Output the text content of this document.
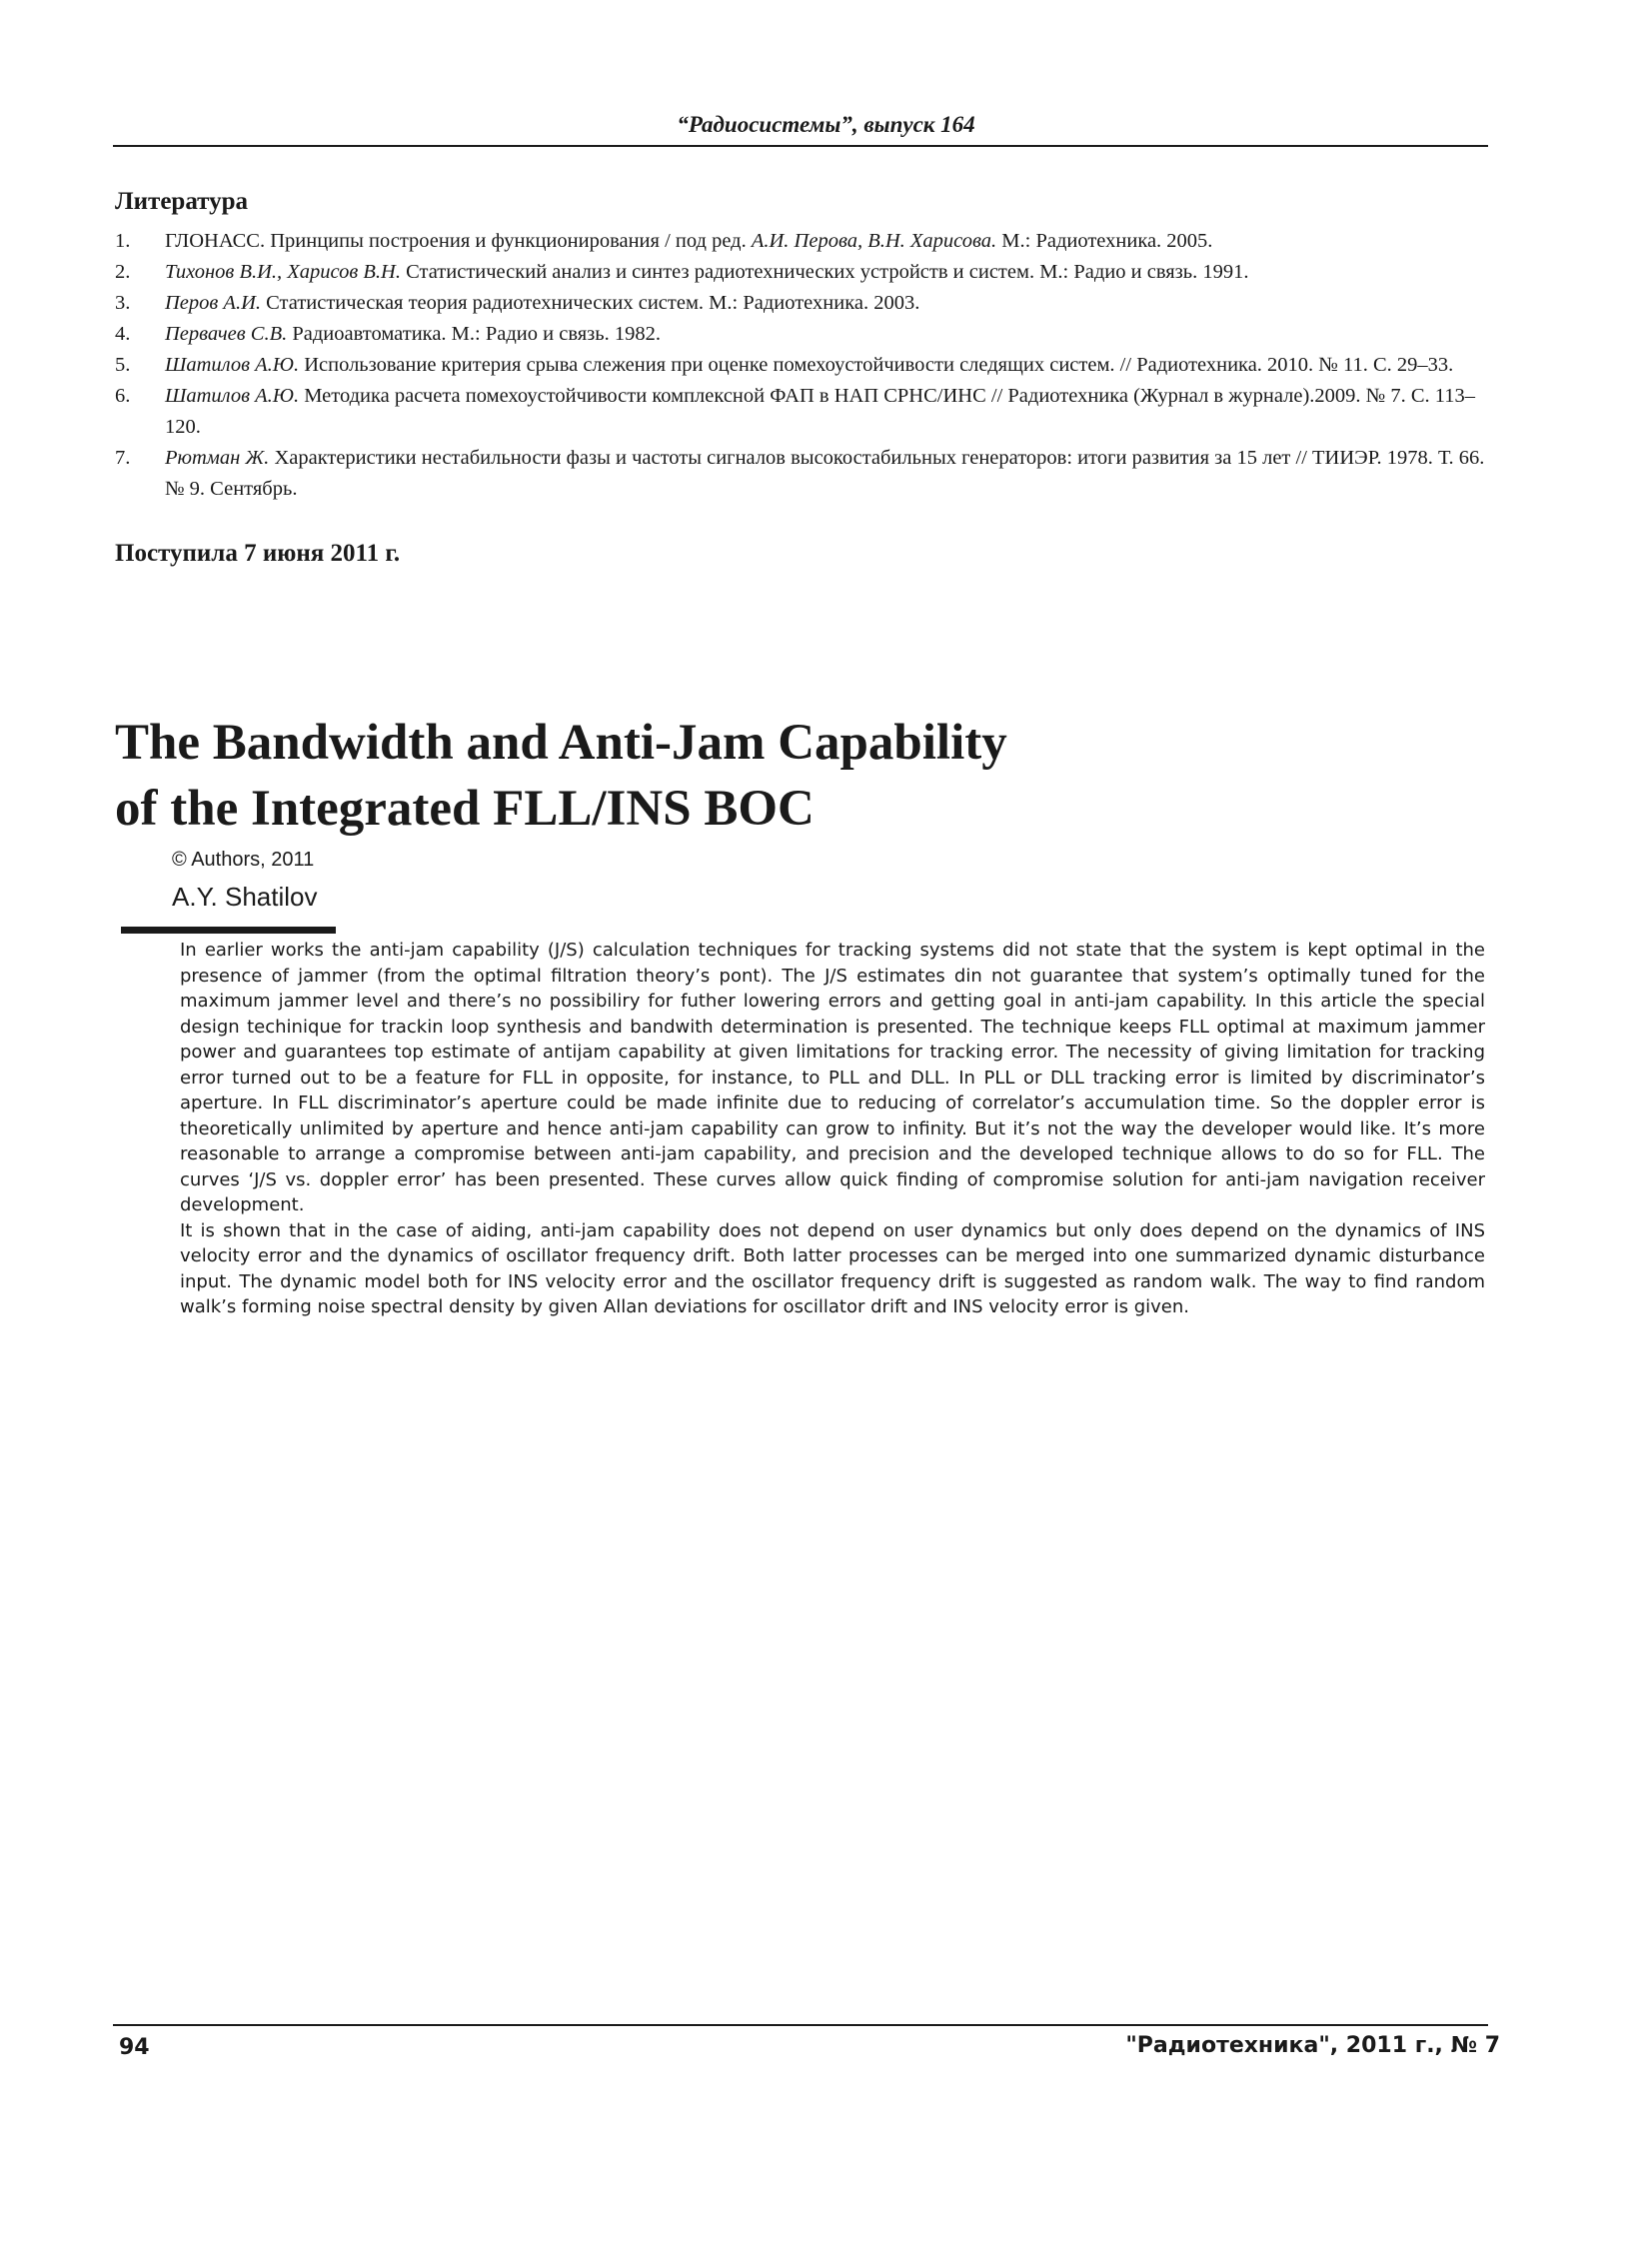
“Радиосистемы”, выпуск 164
Литература
1. ГЛОНАСС. Принципы построения и функционирования / под ред. А.И. Перова, В.Н. Харисова. М.: Радиотехника. 2005.
2. Тихонов В.И., Харисов В.Н. Статистический анализ и синтез радиотехнических устройств и систем. М.: Радио и связь. 1991.
3. Перов А.И. Статистическая теория радиотехнических систем. М.: Радиотехника. 2003.
4. Первачев С.В. Радиоавтоматика. М.: Радио и связь. 1982.
5. Шатилов А.Ю. Использование критерия срыва слежения при оценке помехоустойчивости следящих систем. // Радиотехника. 2010. № 11. С. 29–33.
6. Шатилов А.Ю. Методика расчета помехоустойчивости комплексной ФАП в НАП СРНС/ИНС // Радиотехника (Журнал в журнале).2009. № 7. С. 113–120.
7. Рютман Ж. Характеристики нестабильности фазы и частоты сигналов высокостабильных генераторов: итоги развития за 15 лет // ТИИЭР. 1978. Т. 66. № 9. Сентябрь.
Поступила 7 июня 2011 г.
The Bandwidth and Anti-Jam Capability
of the Integrated FLL/INS BOC
© Authors, 2011
A.Y. Shatilov

In earlier works the anti-jam capability (J/S) calculation techniques for tracking systems did not state that the system is kept optimal in the presence of jammer (from the optimal filtration theory’s pont). The J/S estimates din not guarantee that system’s optimally tuned for the maximum jammer level and there’s no possibiliry for futher lowering errors and getting goal in anti-jam capability. In this article the special design techinique for trackin loop synthesis and bandwith determination is presented. The technique keeps FLL optimal at maximum jammer power and guarantees top estimate of antijam capability at given limitations for tracking error. The necessity of giving limitation for tracking error turned out to be a feature for FLL in opposite, for instance, to PLL and DLL. In PLL or DLL tracking error is limited by discriminator’s aperture. In FLL discriminator’s aperture could be made infinite due to reducing of correlator’s accumulation time. So the doppler error is theoretically unlimited by aperture and hence anti-jam capability can grow to infinity. But it’s not the way the developer would like. It’s more reasonable to arrange a compromise between anti-jam capability, and precision and the developed technique allows to do so for FLL. The curves ‘J/S vs. doppler error’ has been presented. These curves allow quick finding of compromise solution for anti-jam navigation receiver development.

It is shown that in the case of aiding, anti-jam capability does not depend on user dynamics but only does depend on the dynamics of INS velocity error and the dynamics of oscillator frequency drift. Both latter processes can be merged into one summarized dynamic disturbance input. The dynamic model both for INS velocity error and the oscillator frequency drift is suggested as random walk. The way to find random walk’s forming noise spectral density by given Allan deviations for oscillator drift and INS velocity error is given.

94	"Радиотехника", 2011 г., № 7
